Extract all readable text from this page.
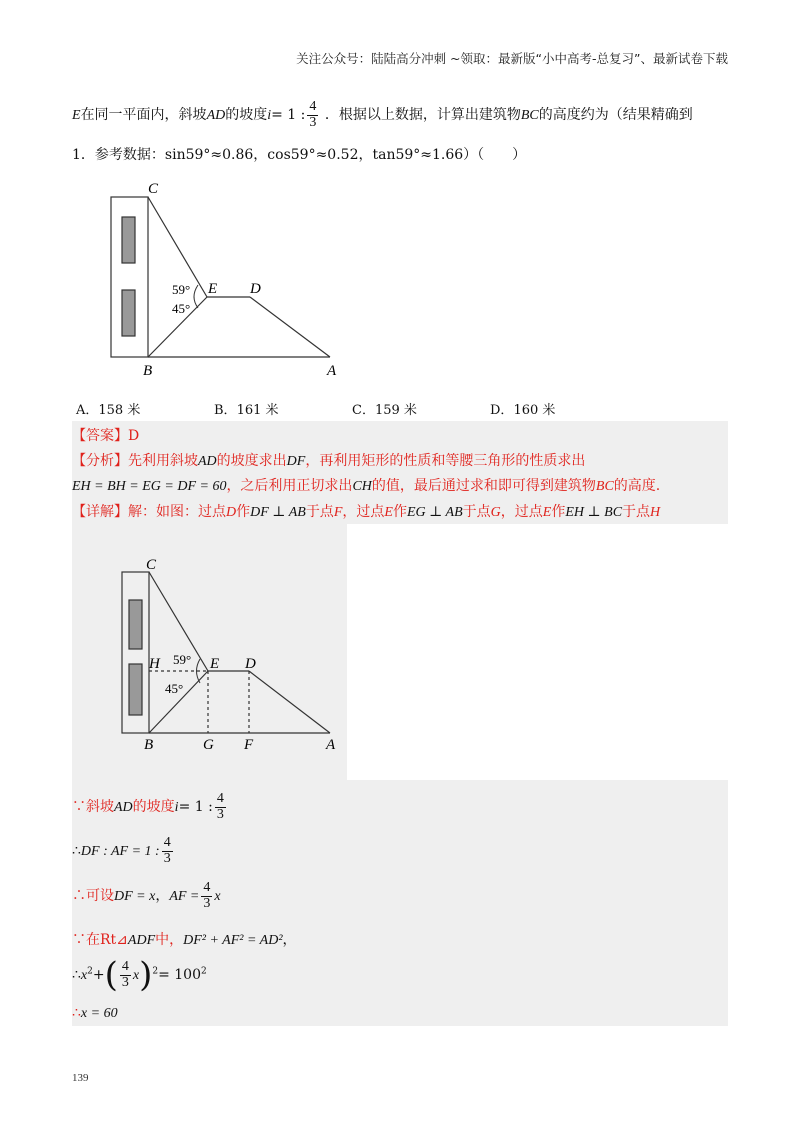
关注公众号：陆陆高分冲刺 ~领取：最新版“小中高考-总复习”、最新试卷下载
E在同一平面内，斜坡AD的坡度i= 1 : $\frac{4}{3}$ ．根据以上数据，计算出建筑物BC的高度约为（结果精确到
1．参考数据：sin59°≈0.86，cos59°≈0.52，tan59°≈1.66）（　　）
C
E D
B	A
59°
45°
A．158 米	B．161 米	C．159 米	D．160 米
【答案】D
【分析】先利用斜坡AD的坡度求出DF，再利用矩形的性质和等腰三角形的性质求出
EH = BH = EG = DF = 60，之后利用正切求出CH的值，最后通过求和即可得到建筑物BC的高度.
【详解】解：如图：过点D作DF ⊥ AB于点F，过点E作EG ⊥ AB于点G，过点E作EH ⊥ BC于点H
C
H	E D
B	G F	A
59°
45°
∵斜坡AD的坡度i= 1 : $\frac{4}{3}$
∴DF : AF = 1 : $\frac{4}{3}$
∴可设DF = x，AF = $\frac{4}{3}$ x
∵在Rt⊿ADF中，DF² + AF² = AD²，
$\therefore x^2+( \frac{4}{3} x)^2= 100^2$
∴x = 60
139
